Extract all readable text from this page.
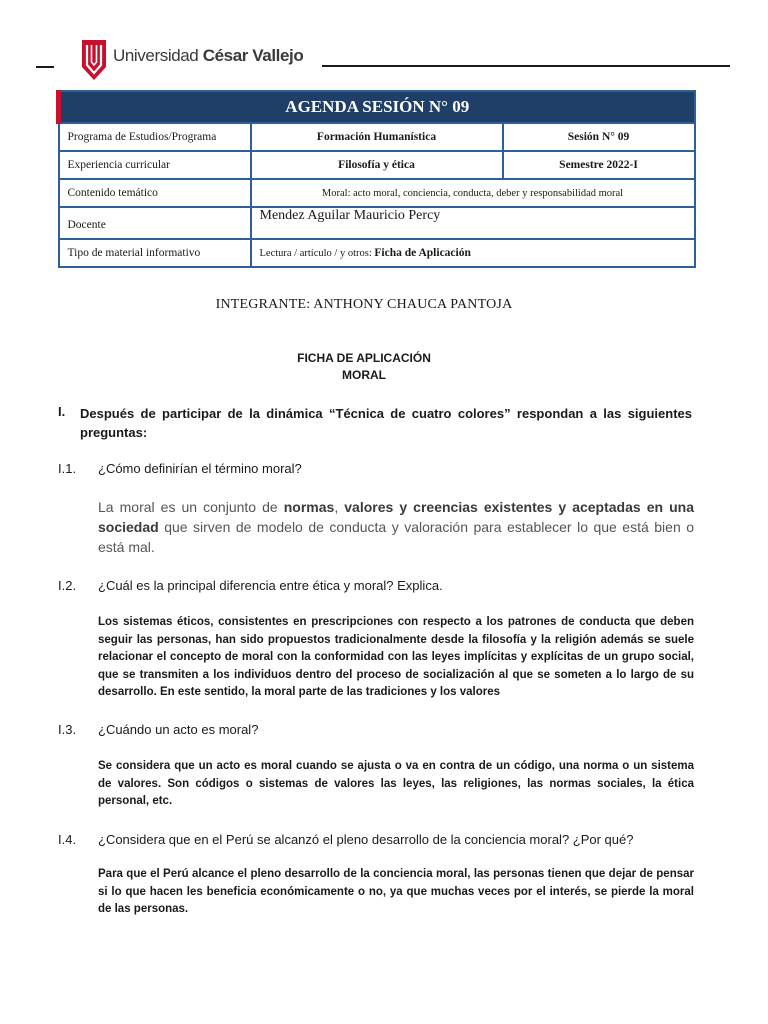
Universidad César Vallejo
AGENDA SESIÓN N° 09		
Programa de Estudios/Programa	Formación Humanística	Sesión N° 09
Experiencia curricular	Filosofía y ética	Semestre 2022-I
Contenido temático	Moral: acto moral, conciencia, conducta, deber y responsabilidad moral	
Docente	Mendez Aguilar Mauricio Percy	
Tipo de material informativo	Lectura / artículo / y otros: Ficha de Aplicación	
INTEGRANTE: ANTHONY CHAUCA PANTOJA
FICHA DE APLICACIÓN
MORAL
I. Después de participar de la dinámica “Técnica de cuatro colores” respondan a las siguientes preguntas:
I.1. ¿Cómo definirían el término moral?
La moral es un conjunto de normas, valores y creencias existentes y aceptadas en una sociedad que sirven de modelo de conducta y valoración para establecer lo que está bien o está mal.
I.2. ¿Cuál es la principal diferencia entre ética y moral? Explica.
Los sistemas éticos, consistentes en prescripciones con respecto a los patrones de conducta que deben seguir las personas, han sido propuestos tradicionalmente desde la filosofía y la religión además se suele relacionar el concepto de moral con la conformidad con las leyes implícitas y explícitas de un grupo social, que se transmiten a los individuos dentro del proceso de socialización al que se someten a lo largo de su desarrollo. En este sentido, la moral parte de las tradiciones y los valores
I.3. ¿Cuándo un acto es moral?
Se considera que un acto es moral cuando se ajusta o va en contra de un código, una norma o un sistema de valores. Son códigos o sistemas de valores las leyes, las religiones, las normas sociales, la ética personal, etc.
I.4. ¿Considera que en el Perú se alcanzó el pleno desarrollo de la conciencia moral? ¿Por qué?
Para que el Perú alcance el pleno desarrollo de la conciencia moral, las personas tienen que dejar de pensar si lo que hacen les beneficia económicamente o no, ya que muchas veces por el interés, se pierde la moral de las personas.
